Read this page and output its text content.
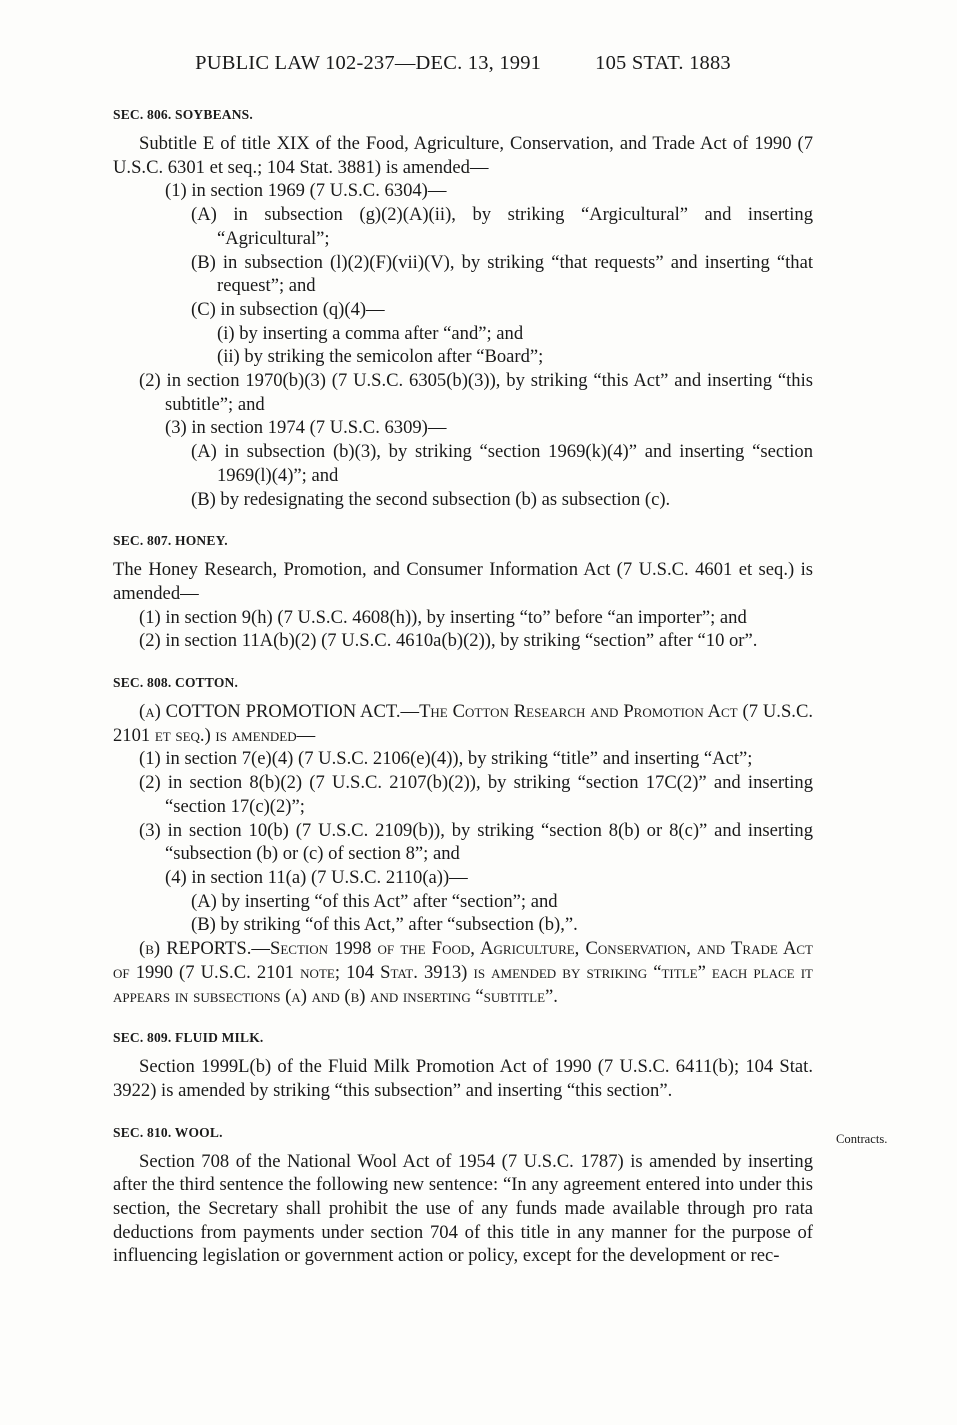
PUBLIC LAW 102-237—DEC. 13, 1991	105 STAT. 1883
SEC. 806. SOYBEANS.

Subtitle E of title XIX of the Food, Agriculture, Conservation, and Trade Act of 1990 (7 U.S.C. 6301 et seq.; 104 Stat. 3881) is amended—

(1) in section 1969 (7 U.S.C. 6304)—

(A) in subsection (g)(2)(A)(ii), by striking “Argicultural” and inserting “Agricultural”;

(B) in subsection (l)(2)(F)(vii)(V), by striking “that requests” and inserting “that request”; and

(C) in subsection (q)(4)—

(i) by inserting a comma after “and”; and

(ii) by striking the semicolon after “Board”;

(2) in section 1970(b)(3) (7 U.S.C. 6305(b)(3)), by striking “this Act” and inserting “this subtitle”; and

(3) in section 1974 (7 U.S.C. 6309)—

(A) in subsection (b)(3), by striking “section 1969(k)(4)” and inserting “section 1969(l)(4)”; and

(B) by redesignating the second subsection (b) as subsection (c).

SEC. 807. HONEY.

The Honey Research, Promotion, and Consumer Information Act (7 U.S.C. 4601 et seq.) is amended—

(1) in section 9(h) (7 U.S.C. 4608(h)), by inserting “to” before “an importer”; and

(2) in section 11A(b)(2) (7 U.S.C. 4610a(b)(2)), by striking “section” after “10 or”.

SEC. 808. COTTON.

(a) COTTON PROMOTION ACT.—The Cotton Research and Promotion Act (7 U.S.C. 2101 et seq.) is amended—

(1) in section 7(e)(4) (7 U.S.C. 2106(e)(4)), by striking “title” and inserting “Act”;

(2) in section 8(b)(2) (7 U.S.C. 2107(b)(2)), by striking “section 17C(2)” and inserting “section 17(c)(2)”;

(3) in section 10(b) (7 U.S.C. 2109(b)), by striking “section 8(b) or 8(c)” and inserting “subsection (b) or (c) of section 8”; and

(4) in section 11(a) (7 U.S.C. 2110(a))—

(A) by inserting “of this Act” after “section”; and

(B) by striking “of this Act,” after “subsection (b),”.

(b) REPORTS.—Section 1998 of the Food, Agriculture, Conservation, and Trade Act of 1990 (7 U.S.C. 2101 note; 104 Stat. 3913) is amended by striking “title” each place it appears in subsections (a) and (b) and inserting “subtitle”.

SEC. 809. FLUID MILK.

Section 1999L(b) of the Fluid Milk Promotion Act of 1990 (7 U.S.C. 6411(b); 104 Stat. 3922) is amended by striking “this subsection” and inserting “this section”.

SEC. 810. WOOL.

Section 708 of the National Wool Act of 1954 (7 U.S.C. 1787) is amended by inserting after the third sentence the following new sentence: “In any agreement entered into under this section, the Secretary shall prohibit the use of any funds made available through pro rata deductions from payments under section 704 of this title in any manner for the purpose of influencing legislation or government action or policy, except for the development or rec-

Contracts.
